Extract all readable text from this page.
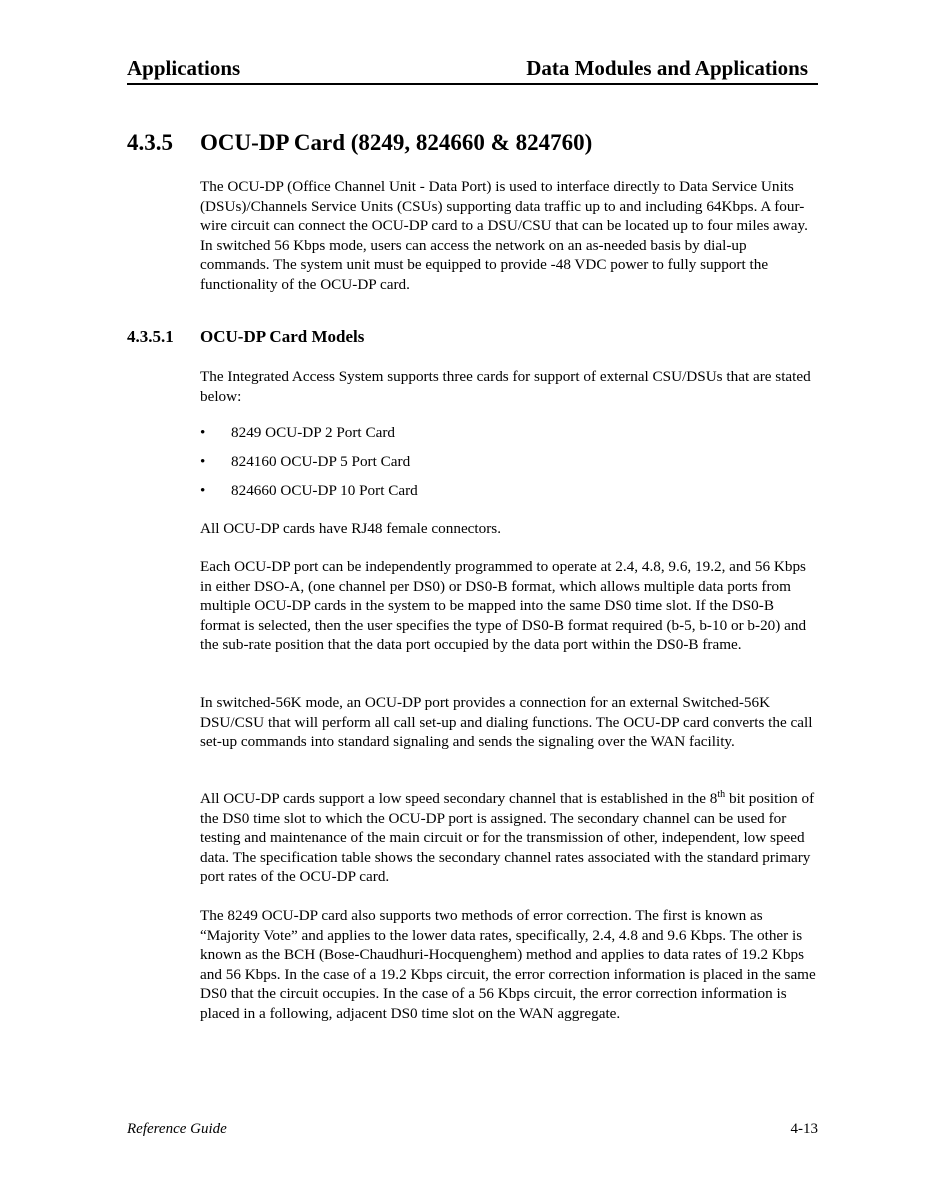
Applications	Data Modules and Applications
4.3.5 OCU-DP Card (8249, 824660 & 824760)
The OCU-DP (Office Channel Unit - Data Port) is used to interface directly to Data Service Units (DSUs)/Channels Service Units (CSUs) supporting data traffic up to and including 64Kbps. A four-wire circuit can connect the OCU-DP card to a DSU/CSU that can be located up to four miles away. In switched 56 Kbps mode, users can access the network on an as-needed basis by dial-up commands. The system unit must be equipped to provide -48 VDC power to fully support the functionality of the OCU-DP card.
4.3.5.1 OCU-DP Card Models
The Integrated Access System supports three cards for support of external CSU/DSUs that are stated below:
• 8249 OCU-DP 2 Port Card
• 824160 OCU-DP 5 Port Card
• 824660 OCU-DP 10 Port Card
All OCU-DP cards have RJ48 female connectors.
Each OCU-DP port can be independently programmed to operate at 2.4, 4.8, 9.6, 19.2, and 56 Kbps in either DSO-A, (one channel per DS0) or DS0-B format, which allows multiple data ports from multiple OCU-DP cards in the system to be mapped into the same DS0 time slot. If the DS0-B format is selected, then the user specifies the type of DS0-B format required (b-5, b-10 or b-20) and the sub-rate position that the data port occupied by the data port within the DS0-B frame.
In switched-56K mode, an OCU-DP port provides a connection for an external Switched-56K DSU/CSU that will perform all call set-up and dialing functions. The OCU-DP card converts the call set-up commands into standard signaling and sends the signaling over the WAN facility.
All OCU-DP cards support a low speed secondary channel that is established in the 8th bit position of the DS0 time slot to which the OCU-DP port is assigned. The secondary channel can be used for testing and maintenance of the main circuit or for the transmission of other, independent, low speed data. The specification table shows the secondary channel rates associated with the standard primary port rates of the OCU-DP card.
The 8249 OCU-DP card also supports two methods of error correction. The first is known as “Majority Vote” and applies to the lower data rates, specifically, 2.4, 4.8 and 9.6 Kbps. The other is known as the BCH (Bose-Chaudhuri-Hocquenghem) method and applies to data rates of 19.2 Kbps and 56 Kbps. In the case of a 19.2 Kbps circuit, the error correction information is placed in the same DS0 that the circuit occupies. In the case of a 56 Kbps circuit, the error correction information is placed in a following, adjacent DS0 time slot on the WAN aggregate.
Reference Guide	4-13
